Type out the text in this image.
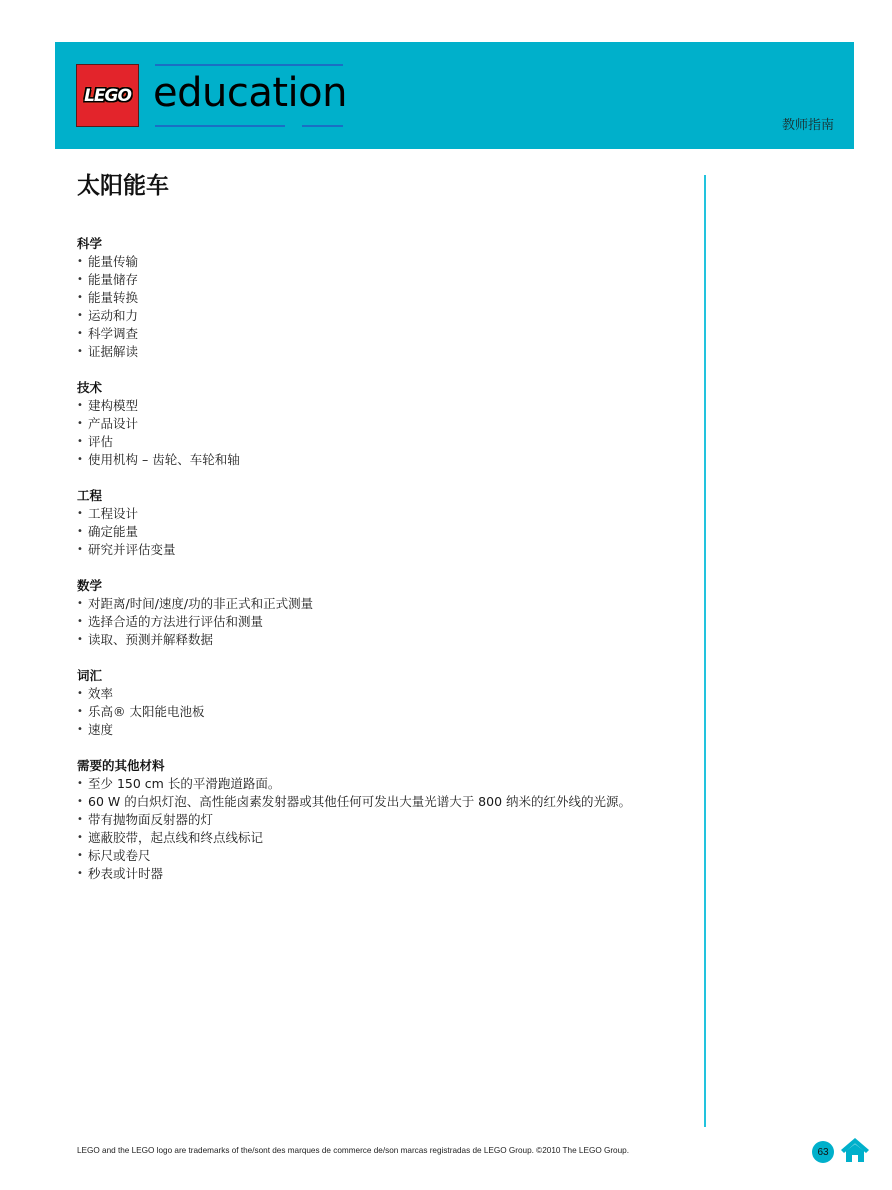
LEGO education
教师指南
太阳能车
科学
• 能量传输
• 能量储存
• 能量转换
• 运动和力
• 科学调查
• 证据解读
技术
• 建构模型
• 产品设计
• 评估
• 使用机构 – 齿轮、车轮和轴
工程
• 工程设计
• 确定能量
• 研究并评估变量
数学
• 对距离/时间/速度/功的非正式和正式测量
• 选择合适的方法进行评估和测量
• 读取、预测并解释数据
词汇
• 效率
• 乐高® 太阳能电池板
• 速度
需要的其他材料
• 至少 150 cm 长的平滑跑道路面。
• 60 W 的白炽灯泡、高性能卤素发射器或其他任何可发出大量光谱大于 800 纳米的红外线的光源。
• 带有抛物面反射器的灯
• 遮蔽胶带，起点线和终点线标记
• 标尺或卷尺
• 秒表或计时器
LEGO and the LEGO logo are trademarks of the/sont des marques de commerce de/son marcas registradas de LEGO Group. ©2010 The LEGO Group.	63
